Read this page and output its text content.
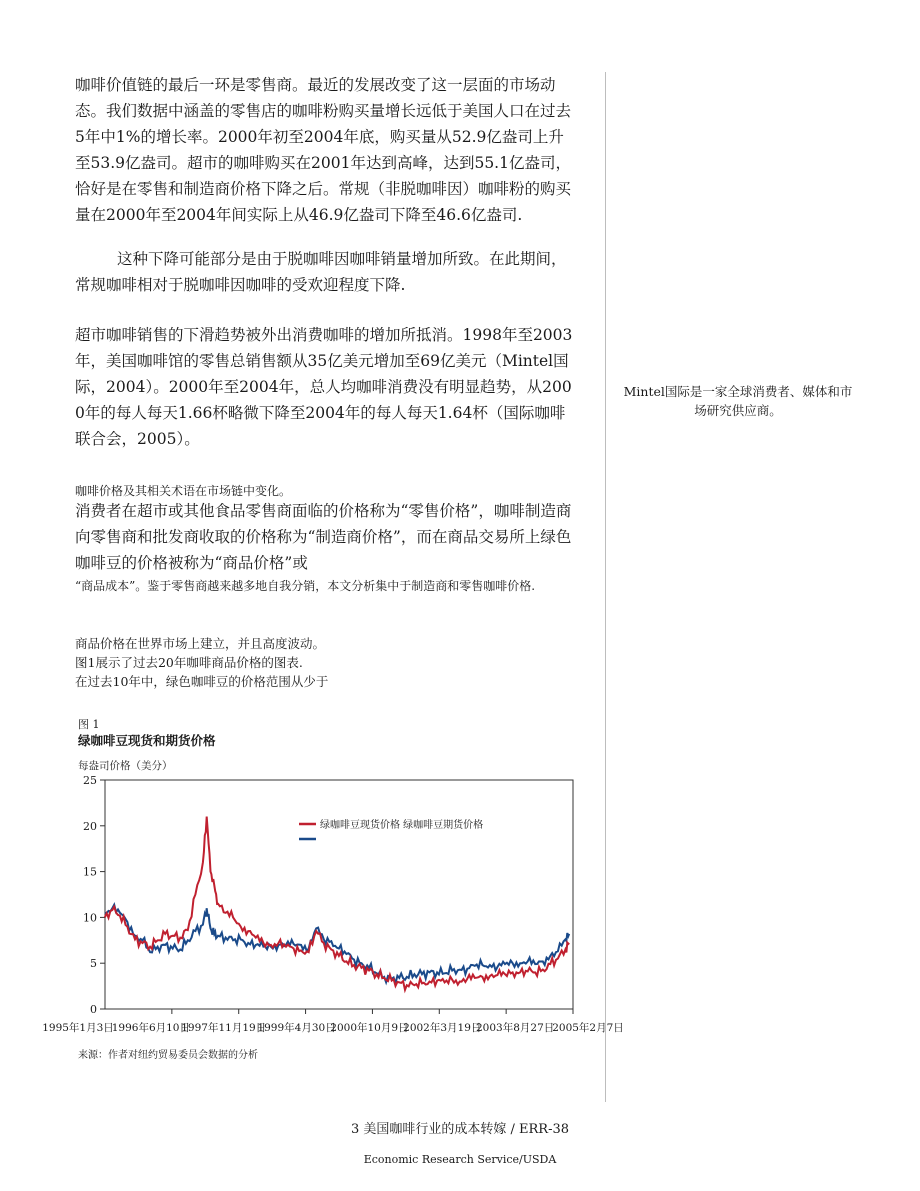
咖啡价值链的最后一环是零售商。最近的发展改变了这一层面的市场动态。我们数据中涵盖的零售店的咖啡粉购买量增长远低于美国人口在过去5年中1%的增长率。2000年初至2004年底，购买量从52.9亿盎司上升至53.9亿盎司。超市的咖啡购买在2001年达到高峰，达到55.1亿盎司，恰好是在零售和制造商价格下降之后。常规（非脱咖啡因）咖啡粉的购买量在2000年至2004年间实际上从46.9亿盎司下降至46.6亿盎司.

这种下降可能部分是由于脱咖啡因咖啡销量增加所致。在此期间，常规咖啡相对于脱咖啡因咖啡的受欢迎程度下降.

超市咖啡销售的下滑趋势被外出消费咖啡的增加所抵消。1998年至2003年，美国咖啡馆的零售总销售额从35亿美元增加至69亿美元（Mintel国际，2004）。2000年至2004年，总人均咖啡消费没有明显趋势，从2000年的每人每天1.66杯略微下降至2004年的每人每天1.64杯（国际咖啡联合会，2005）。

咖啡价格及其相关术语在市场链中变化。

消费者在超市或其他食品零售商面临的价格称为“零售价格”，咖啡制造商向零售商和批发商收取的价格称为“制造商价格”，而在商品交易所上绿色咖啡豆的价格被称为“商品价格”或

“商品成本”。鉴于零售商越来越多地自我分销，本文分析集中于制造商和零售咖啡价格.
商品价格在世界市场上建立，并且高度波动。
图1展示了过去20年咖啡商品价格的图表.
在过去10年中，绿色咖啡豆的价格范围从少于
Mintel国际是一家全球消费者、媒体和市场研究供应商。
图 1
绿咖啡豆现货和期货价格
每盎司价格（美分）
0
5
10
15
20
25
1995年1月3日
1996年6月10日
1997年11月19日
1999年4月30日
2000年10月9日
2002年3月19日
2003年8月27日
2005年2月7日
绿咖啡豆现货价格 绿咖啡豆期货价格
来源：作者对纽约贸易委员会数据的分析
3 美国咖啡行业的成本转嫁 / ERR-38
Economic Research Service/USDA
